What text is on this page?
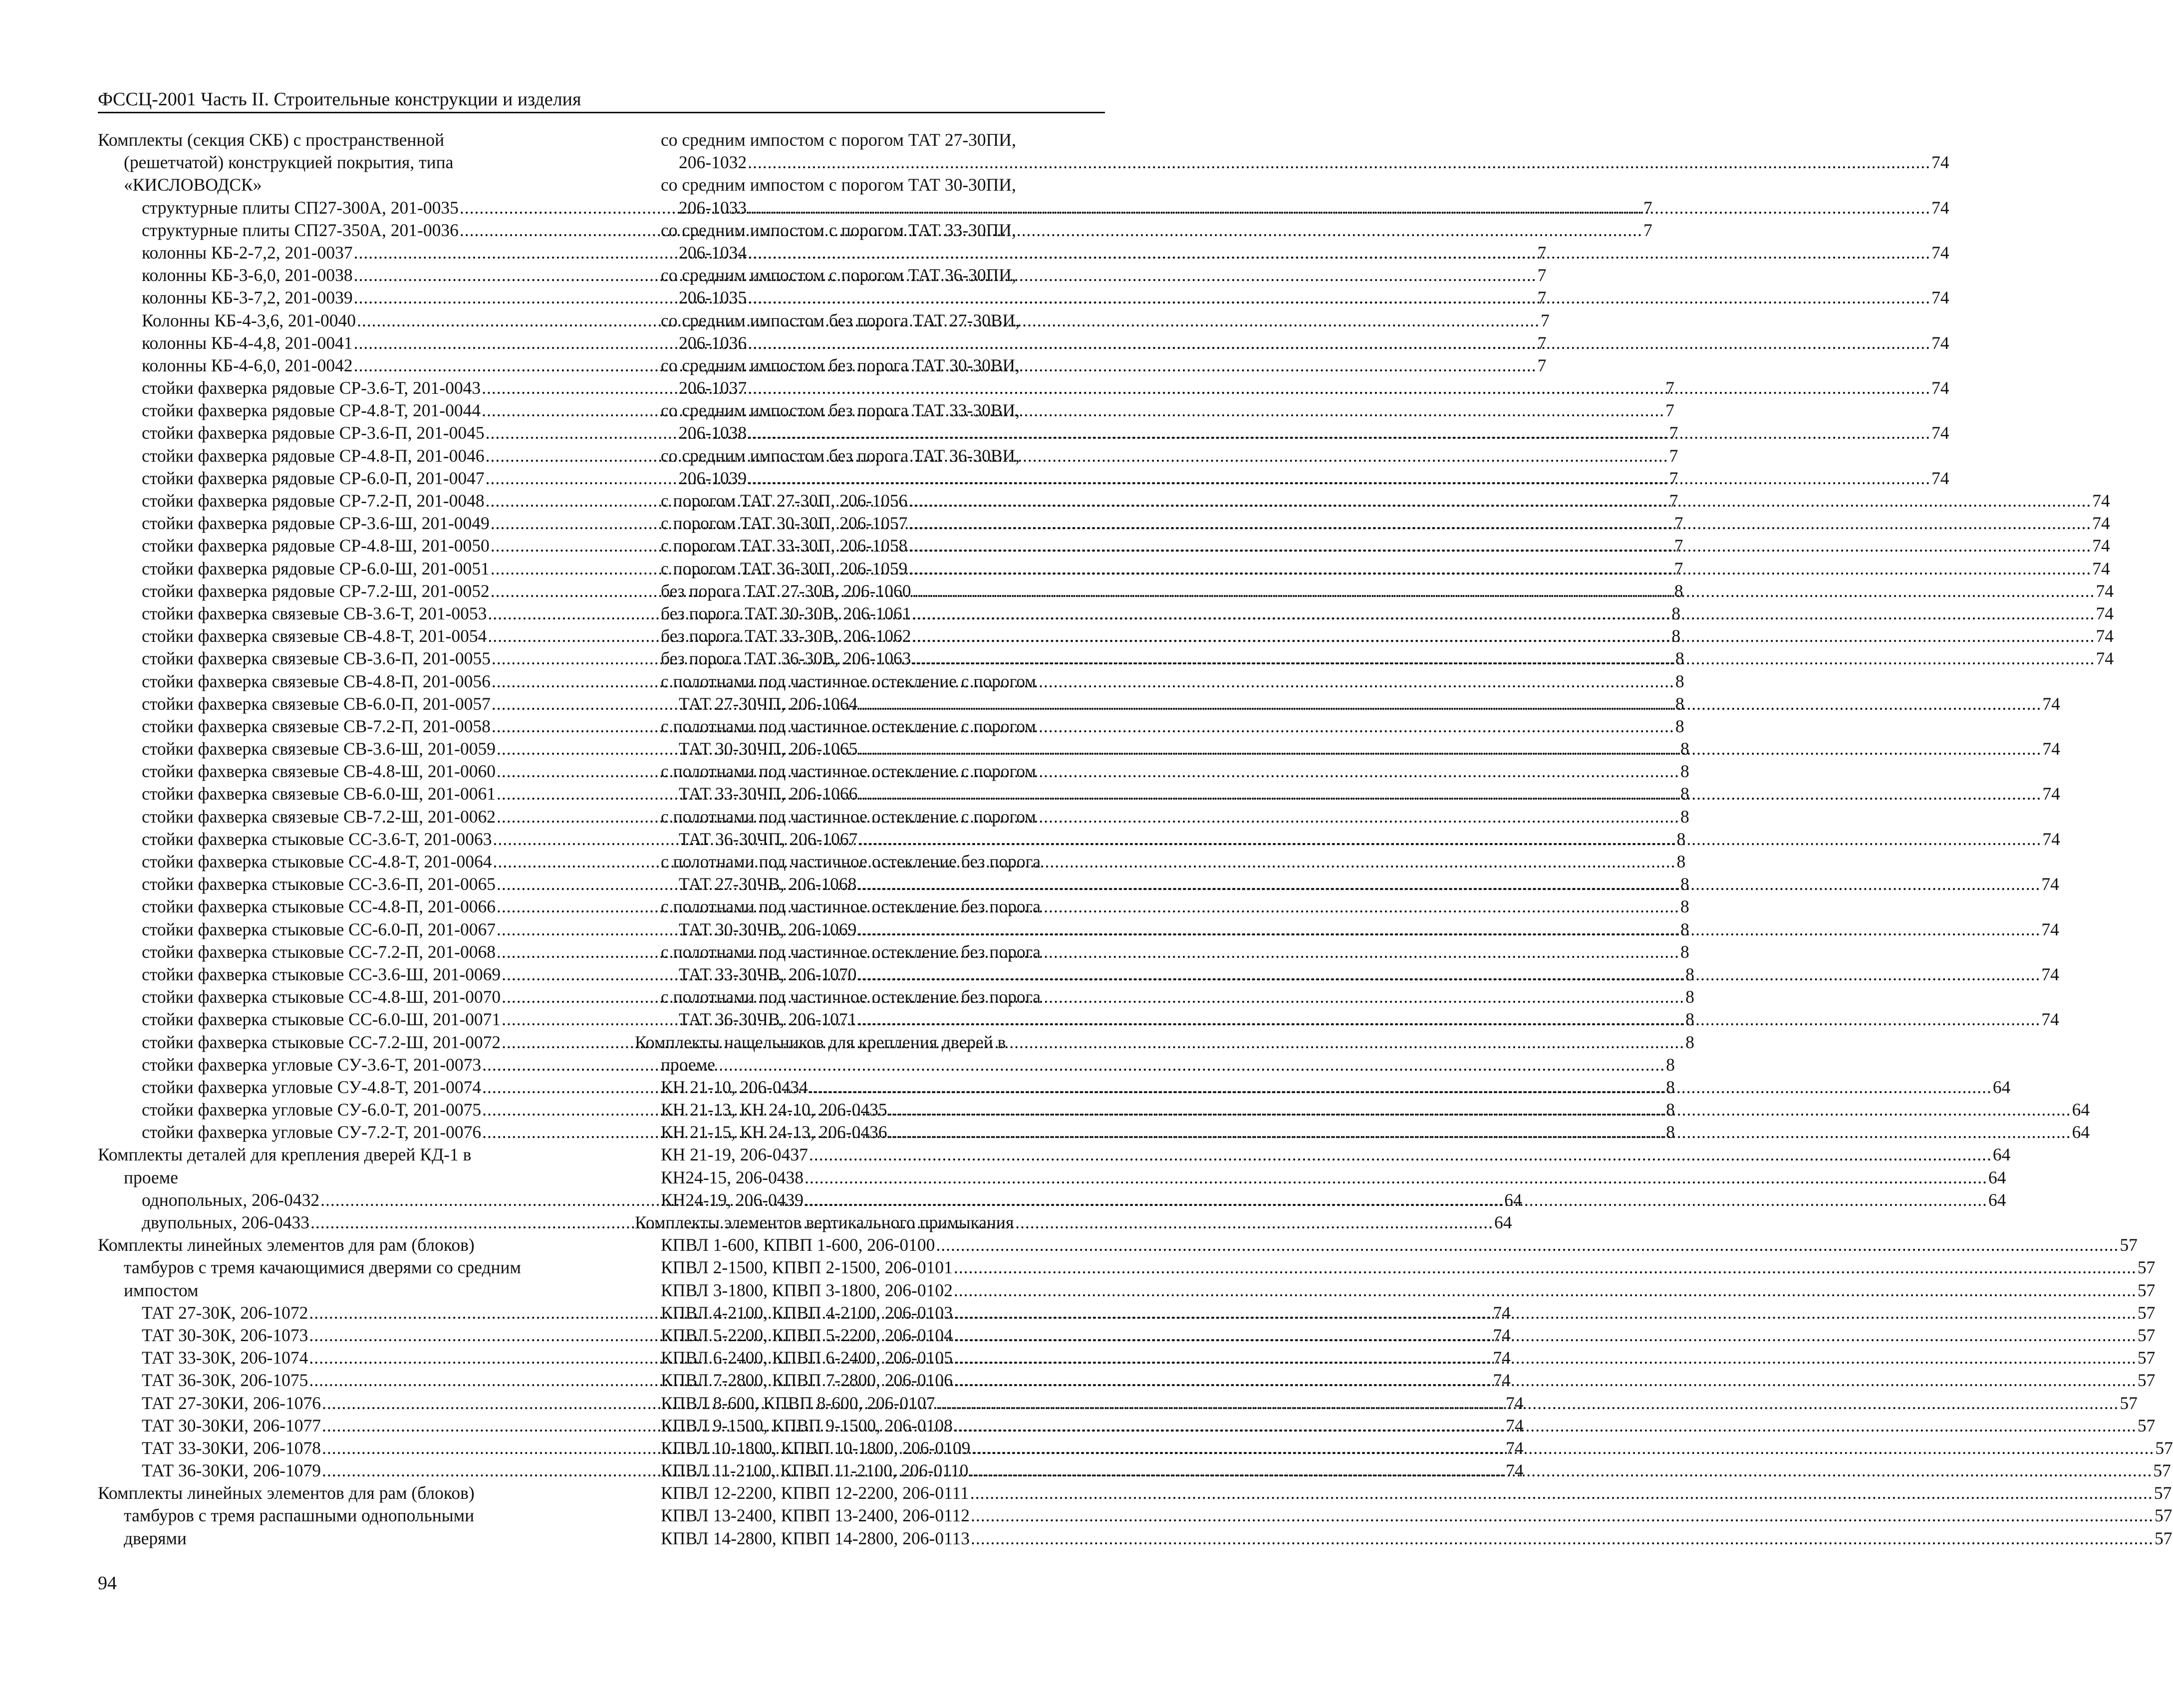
ФССЦ-2001 Часть II. Строительные конструкции и изделия
Комплекты (секция СКБ) с пространственной
(решетчатой) конструкцией покрытия, типа
«КИСЛОВОДСК»
структурные плиты СП27-300А, 201-0035 .....	7
структурные плиты СП27-350А, 201-0036 .....	7
колонны КБ-2-7,2, 201-0037 .....	7
колонны КБ-3-6,0, 201-0038 .....	7
колонны КБ-3-7,2, 201-0039 .....	7
Колонны КБ-4-3,6, 201-0040 .....	7
колонны КБ-4-4,8, 201-0041 .....	7
колонны КБ-4-6,0, 201-0042 .....	7
стойки фахверка рядовые СР-3.6-Т, 201-0043 .....	7
стойки фахверка рядовые СР-4.8-Т, 201-0044 .....	7
стойки фахверка рядовые СР-3.6-П, 201-0045 .....	7
стойки фахверка рядовые СР-4.8-П, 201-0046 .....	7
стойки фахверка рядовые СР-6.0-П, 201-0047 .....	7
стойки фахверка рядовые СР-7.2-П, 201-0048 .....	7
стойки фахверка рядовые СР-3.6-Ш, 201-0049 .....	7
стойки фахверка рядовые СР-4.8-Ш, 201-0050 .....	7
стойки фахверка рядовые СР-6.0-Ш, 201-0051 .....	7
стойки фахверка рядовые СР-7.2-Ш, 201-0052 .....	8
стойки фахверка связевые СВ-3.6-Т, 201-0053 .....	8
стойки фахверка связевые СВ-4.8-Т, 201-0054 .....	8
стойки фахверка связевые СВ-3.6-П, 201-0055 .....	8
стойки фахверка связевые СВ-4.8-П, 201-0056 .....	8
стойки фахверка связевые СВ-6.0-П, 201-0057 .....	8
стойки фахверка связевые СВ-7.2-П, 201-0058 .....	8
стойки фахверка связевые СВ-3.6-Ш, 201-0059 .....	8
стойки фахверка связевые СВ-4.8-Ш, 201-0060 .....	8
стойки фахверка связевые СВ-6.0-Ш, 201-0061 .....	8
стойки фахверка связевые СВ-7.2-Ш, 201-0062 .....	8
стойки фахверка стыковые СС-3.6-Т, 201-0063 .....	8
стойки фахверка стыковые СС-4.8-Т, 201-0064 .....	8
стойки фахверка стыковые СС-3.6-П, 201-0065 .....	8
стойки фахверка стыковые СС-4.8-П, 201-0066 .....	8
стойки фахверка стыковые СС-6.0-П, 201-0067 .....	8
стойки фахверка стыковые СС-7.2-П, 201-0068 .....	8
стойки фахверка стыковые СС-3.6-Ш, 201-0069 .....	8
стойки фахверка стыковые СС-4.8-Ш, 201-0070 .....	8
стойки фахверка стыковые СС-6.0-Ш, 201-0071 .....	8
стойки фахверка стыковые СС-7.2-Ш, 201-0072 .....	8
стойки фахверка угловые СУ-3.6-Т, 201-0073 .....	8
стойки фахверка угловые СУ-4.8-Т, 201-0074 .....	8
стойки фахверка угловые СУ-6.0-Т, 201-0075 .....	8
стойки фахверка угловые СУ-7.2-Т, 201-0076 .....	8
Комплекты деталей для крепления дверей КД-1 в
проеме
однопольных, 206-0432 .....	64
двупольных, 206-0433 .....	64
Комплекты линейных элементов для рам (блоков)
тамбуров с тремя качающимися дверями со средним
импостом
ТАТ 27-30К, 206-1072 .....	74
ТАТ 30-30К, 206-1073 .....	74
ТАТ 33-30К, 206-1074 .....	74
ТАТ 36-30К, 206-1075 .....	74
ТАТ 27-30КИ, 206-1076 .....	74
ТАТ 30-30КИ, 206-1077 .....	74
ТАТ 33-30КИ, 206-1078 .....	74
ТАТ 36-30КИ, 206-1079 .....	74
Комплекты линейных элементов для рам (блоков)
тамбуров с тремя распашными однопольными
дверями
со средним импостом с порогом ТАТ 27-30ПИ,
206-1032 .....	74
со средним импостом с порогом ТАТ 30-30ПИ,
206-1033 .....	74
со средним импостом с порогом ТАТ 33-30ПИ,
206-1034 .....	74
со средним импостом с порогом ТАТ 36-30ПИ,
206-1035 .....	74
со средним импостом без порога ТАТ 27-30ВИ,
206-1036 .....	74
со средним импостом без порога ТАТ 30-30ВИ,
206-1037 .....	74
со средним импостом без порога ТАТ 33-30ВИ,
206-1038 .....	74
со средним импостом без порога ТАТ 36-30ВИ,
206-1039 .....	74
с порогом ТАТ 27-30П, 206-1056 .....	74
с порогом ТАТ 30-30П, 206-1057 .....	74
с порогом ТАТ 33-30П, 206-1058 .....	74
с порогом ТАТ 36-30П, 206-1059 .....	74
без порога ТАТ 27-30В, 206-1060 .....	74
без порога ТАТ 30-30В, 206-1061 .....	74
без порога ТАТ 33-30В, 206-1062 .....	74
без порога ТАТ 36-30В, 206-1063 .....	74
с полотнами под частичное остекление с порогом
ТАТ 27-30ЧП, 206-1064 .....	74
с полотнами под частичное остекление с порогом
ТАТ 30-30ЧП, 206-1065 .....	74
с полотнами под частичное остекление с порогом
ТАТ 33-30ЧП, 206-1066 .....	74
с полотнами под частичное остекление с порогом
ТАТ 36-30ЧП, 206-1067 .....	74
с полотнами под частичное остекление без порога
ТАТ 27-30ЧВ, 206-1068 .....	74
с полотнами под частичное остекление без порога
ТАТ 30-30ЧВ, 206-1069 .....	74
с полотнами под частичное остекление без порога
ТАТ 33-30ЧВ, 206-1070 .....	74
с полотнами под частичное остекление без порога
ТАТ 36-30ЧВ, 206-1071 .....	74
Комплекты нащельников для крепления дверей в
проеме
КН 21-10, 206-0434 .....	64
КН 21-13, КН 24-10, 206-0435 .....	64
КН 21-15, КН 24-13, 206-0436 .....	64
КН 21-19, 206-0437 .....	64
КН24-15, 206-0438 .....	64
КН24-19, 206-0439 .....	64
Комплекты элементов вертикального примыкания
КПВЛ 1-600, КПВП 1-600, 206-0100 .....	57
КПВЛ 2-1500, КПВП 2-1500, 206-0101 .....	57
КПВЛ 3-1800, КПВП 3-1800, 206-0102 .....	57
КПВЛ 4-2100, КПВП 4-2100, 206-0103 .....	57
КПВЛ 5-2200, КПВП 5-2200, 206-0104 .....	57
КПВЛ 6-2400, КПВП 6-2400, 206-0105 .....	57
КПВЛ 7-2800, КПВП 7-2800, 206-0106 .....	57
КПВЛ 8-600, КПВП 8-600, 206-0107 .....	57
КПВЛ 9-1500, КПВП 9-1500, 206-0108 .....	57
КПВЛ 10-1800, КПВП 10-1800, 206-0109 .....	57
КПВЛ 11-2100, КПВП 11-2100, 206-0110 .....	57
КПВЛ 12-2200, КПВП 12-2200, 206-0111 .....	57
КПВЛ 13-2400, КПВП 13-2400, 206-0112 .....	57
КПВЛ 14-2800, КПВП 14-2800, 206-0113 .....	57
94
